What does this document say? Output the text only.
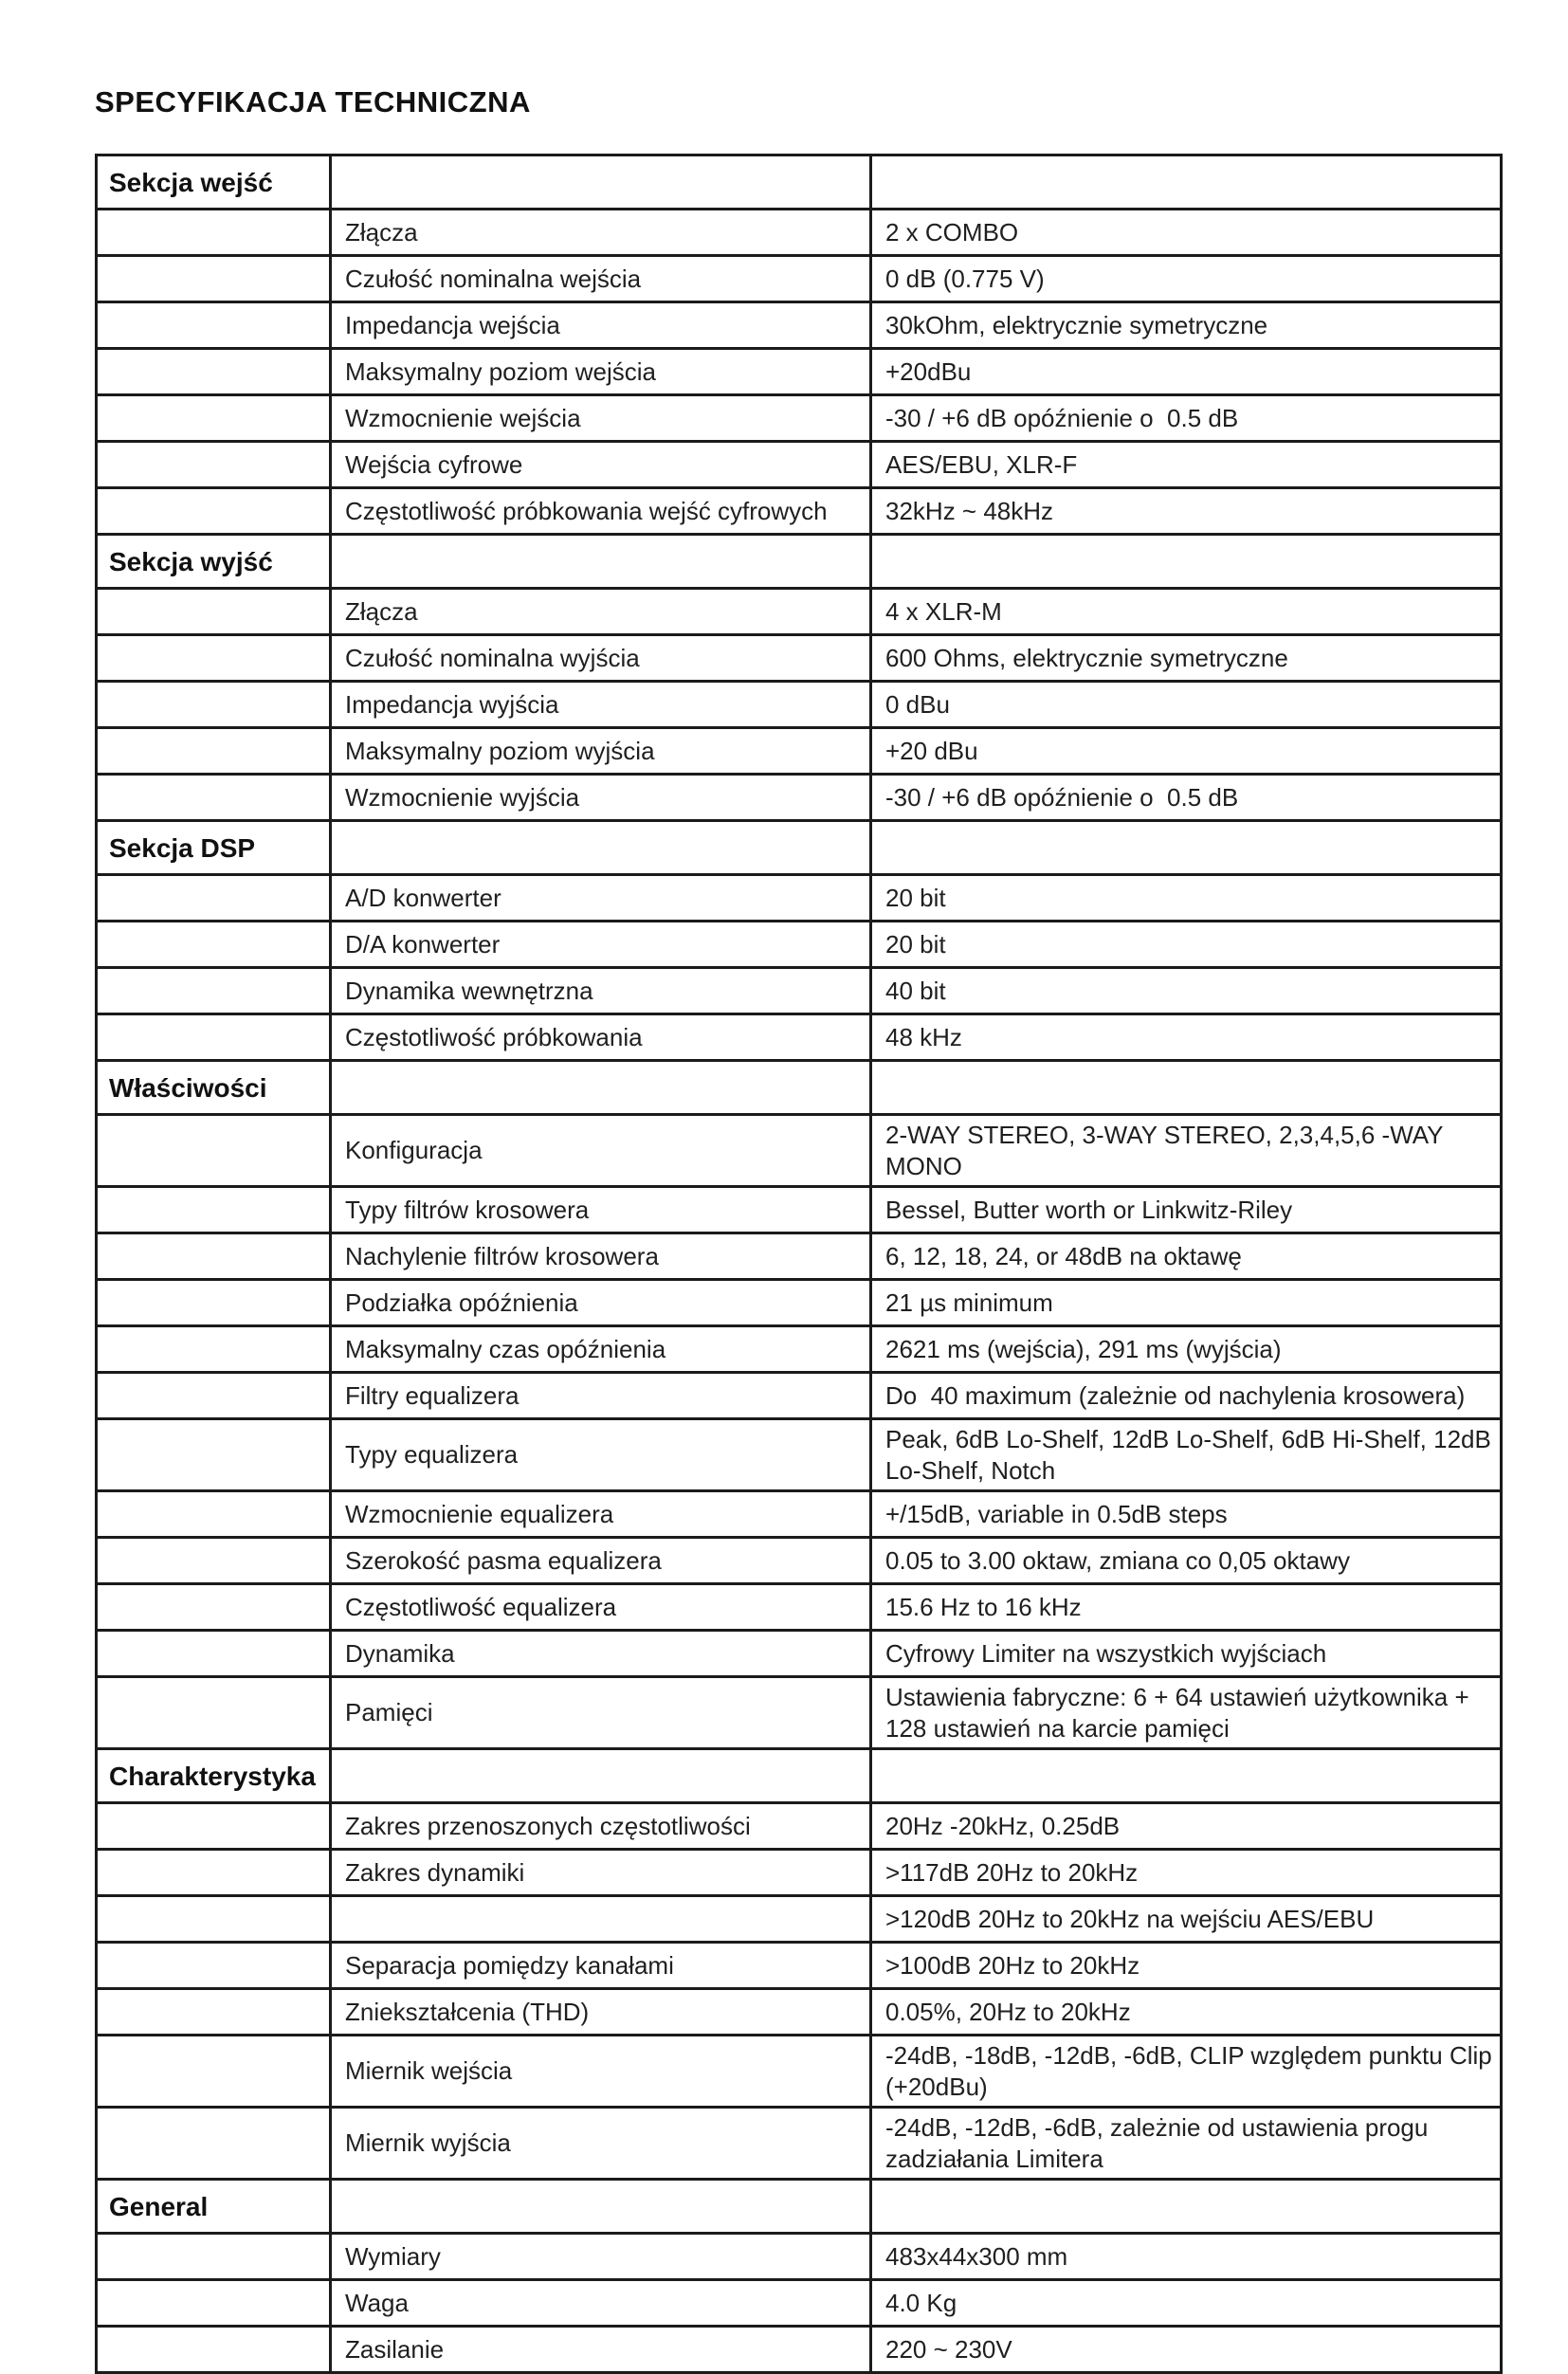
SPECYFIKACJA TECHNICZNA
Sekcja wejść		
	Złącza	2 x COMBO
	Czułość nominalna wejścia	0 dB (0.775 V)
	Impedancja wejścia	30kOhm, elektrycznie symetryczne
	Maksymalny poziom wejścia	+20dBu
	Wzmocnienie wejścia	-30 / +6 dB opóźnienie o  0.5 dB
	Wejścia cyfrowe	AES/EBU, XLR-F
	Częstotliwość próbkowania wejść cyfrowych	32kHz ~ 48kHz
Sekcja wyjść		
	Złącza	4 x XLR-M
	Czułość nominalna wyjścia	600 Ohms, elektrycznie symetryczne
	Impedancja wyjścia	0 dBu
	Maksymalny poziom wyjścia	+20 dBu
	Wzmocnienie wyjścia	-30 / +6 dB opóźnienie o  0.5 dB
Sekcja DSP		
	A/D konwerter	20 bit
	D/A konwerter	20 bit
	Dynamika wewnętrzna	40 bit
	Częstotliwość próbkowania	48 kHz
Właściwości		
	Konfiguracja	2-WAY STEREO, 3-WAY STEREO, 2,3,4,5,6 -WAY MONO
	Typy filtrów krosowera	Bessel, Butter worth or Linkwitz-Riley
	Nachylenie filtrów krosowera	6, 12, 18, 24, or 48dB na oktawę
	Podziałka opóźnienia	21 µs minimum
	Maksymalny czas opóźnienia	2621 ms (wejścia), 291 ms (wyjścia)
	Filtry equalizera	Do  40 maximum (zależnie od nachylenia krosowera)
	Typy equalizera	Peak, 6dB Lo-Shelf, 12dB Lo-Shelf, 6dB Hi-Shelf, 12dB Lo-Shelf, Notch
	Wzmocnienie equalizera	+/15dB, variable in 0.5dB steps
	Szerokość pasma equalizera	0.05 to 3.00 oktaw, zmiana co 0,05 oktawy
	Częstotliwość equalizera	15.6 Hz to 16 kHz
	Dynamika	Cyfrowy Limiter na wszystkich wyjściach
	Pamięci	Ustawienia fabryczne: 6 + 64 ustawień użytkownika + 128 ustawień na karcie pamięci
Charakterystyka		
	Zakres przenoszonych częstotliwości	20Hz -20kHz, 0.25dB
	Zakres dynamiki	>117dB 20Hz to 20kHz
		>120dB 20Hz to 20kHz na wejściu AES/EBU
	Separacja pomiędzy kanałami	>100dB 20Hz to 20kHz
	Zniekształcenia (THD)	0.05%, 20Hz to 20kHz
	Miernik wejścia	-24dB, -18dB, -12dB, -6dB, CLIP względem punktu Clip (+20dBu)
	Miernik wyjścia	-24dB, -12dB, -6dB, zależnie od ustawienia progu zadziałania Limitera
General		
	Wymiary	483x44x300 mm
	Waga	4.0 Kg
	Zasilanie	220 ~ 230V
